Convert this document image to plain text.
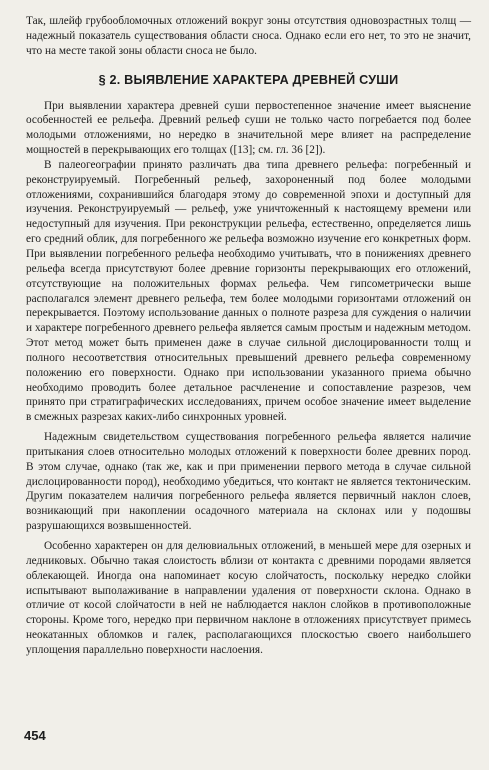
Так, шлейф грубообломочных отложений вокруг зоны отсутствия одновозрастных толщ — надежный показатель существования области сноса. Однако если его нет, то это не значит, что на месте такой зоны области сноса не было.

§ 2. ВЫЯВЛЕНИЕ ХАРАКТЕРА ДРЕВНЕЙ СУШИ

При выявлении характера древней суши первостепенное значение имеет выяснение особенностей ее рельефа. Древний рельеф суши не только часто погребается под более молодыми отложениями, но нередко в значительной мере влияет на распределение мощностей в перекрывающих его толщах ([13]; см. гл. 36 [2]).

В палеогеографии принято различать два типа древнего рельефа: погребенный и реконструируемый. Погребенный рельеф, захороненный под более молодыми отложениями, сохранившийся благодаря этому до современной эпохи и доступный для изучения. Реконструируемый — рельеф, уже уничтоженный к настоящему времени или недоступный для изучения. При реконструкции рельефа, естественно, определяется лишь его средний облик, для погребенного же рельефа возможно изучение его конкретных форм. При выявлении погребенного рельефа необходимо учитывать, что в понижениях древнего рельефа всегда присутствуют более древние горизонты перекрывающих его отложений, отсутствующие на положительных формах рельефа. Чем гипсометрически выше располагался элемент древнего рельефа, тем более молодыми горизонтами отложений он перекрывается. Поэтому использование данных о полноте разреза для суждения о наличии и характере погребенного древнего рельефа является самым простым и надежным методом. Этот метод может быть применен даже в случае сильной дислоцированности толщ и полного несоответствия относительных превышений древнего рельефа современному положению его поверхности. Однако при использовании указанного приема обычно необходимо проводить более детальное расчленение и сопоставление разрезов, чем принято при стратиграфических исследованиях, причем особое значение имеет выделение в смежных разрезах каких-либо синхронных уровней.

Надежным свидетельством существования погребенного рельефа является наличие притыкания слоев относительно молодых отложений к поверхности более древних пород. В этом случае, однако (так же, как и при применении первого метода в случае сильной дислоцированности пород), необходимо убедиться, что контакт не является тектоническим. Другим показателем наличия погребенного рельефа является первичный наклон слоев, возникающий при накоплении осадочного материала на склонах или у подошвы разрушающихся возвышенностей.

Особенно характерен он для делювиальных отложений, в меньшей мере для озерных и ледниковых. Обычно такая слоистость вблизи от контакта с древними породами является облекающей. Иногда она напоминает косую слойчатость, поскольку нередко слойки испытывают выполаживание в направлении удаления от поверхности склона. Однако в отличие от косой слойчатости в ней не наблюдается наклон слойков в противоположные стороны. Кроме того, нередко при первичном наклоне в отложениях присутствует примесь неокатанных обломков и галек, располагающихся плоскостью своего наибольшего уплощения параллельно поверхности наслоения.

454
